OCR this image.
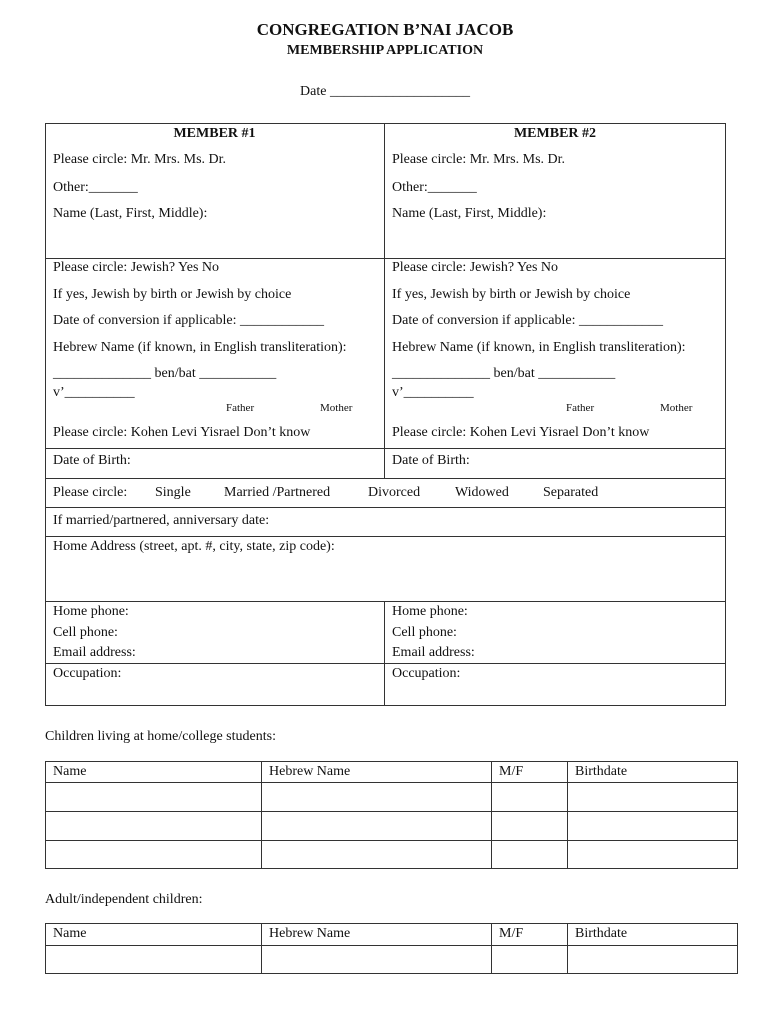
CONGREGATION B’NAI JACOB
MEMBERSHIP APPLICATION
Date ____________________
MEMBER #1
Please circle: Mr. Mrs. Ms. Dr.
Other:_______
Name (Last, First, Middle):
Please circle: Jewish? Yes No
If yes, Jewish by birth or Jewish by choice
Date of conversion if applicable: ____________
Hebrew Name (if known, in English transliteration):
______________ ben/bat ___________
v’__________
Father	Mother
Please circle: Kohen Levi Yisrael Don’t know
Date of Birth:
Home phone:
Cell phone:
Email address:
Occupation:
MEMBER #2
Please circle: Mr. Mrs. Ms. Dr.
Other:_______
Name (Last, First, Middle):
Please circle: Jewish? Yes No
If yes, Jewish by birth or Jewish by choice
Date of conversion if applicable: ____________
Hebrew Name (if known, in English transliteration):
______________ ben/bat ___________
v’__________
Father	Mother
Please circle: Kohen Levi Yisrael Don’t know
Date of Birth:
Home phone:
Cell phone:
Email address:
Occupation:
Please circle: Single Married /Partnered	Divorced Widowed Separated
If married/partnered, anniversary date:
Home Address (street, apt. #, city, state, zip code):
Children living at home/college students:
Name	Hebrew Name	M/F	Birthdate
Adult/independent children:
Name	Hebrew Name	M/F	Birthdate
